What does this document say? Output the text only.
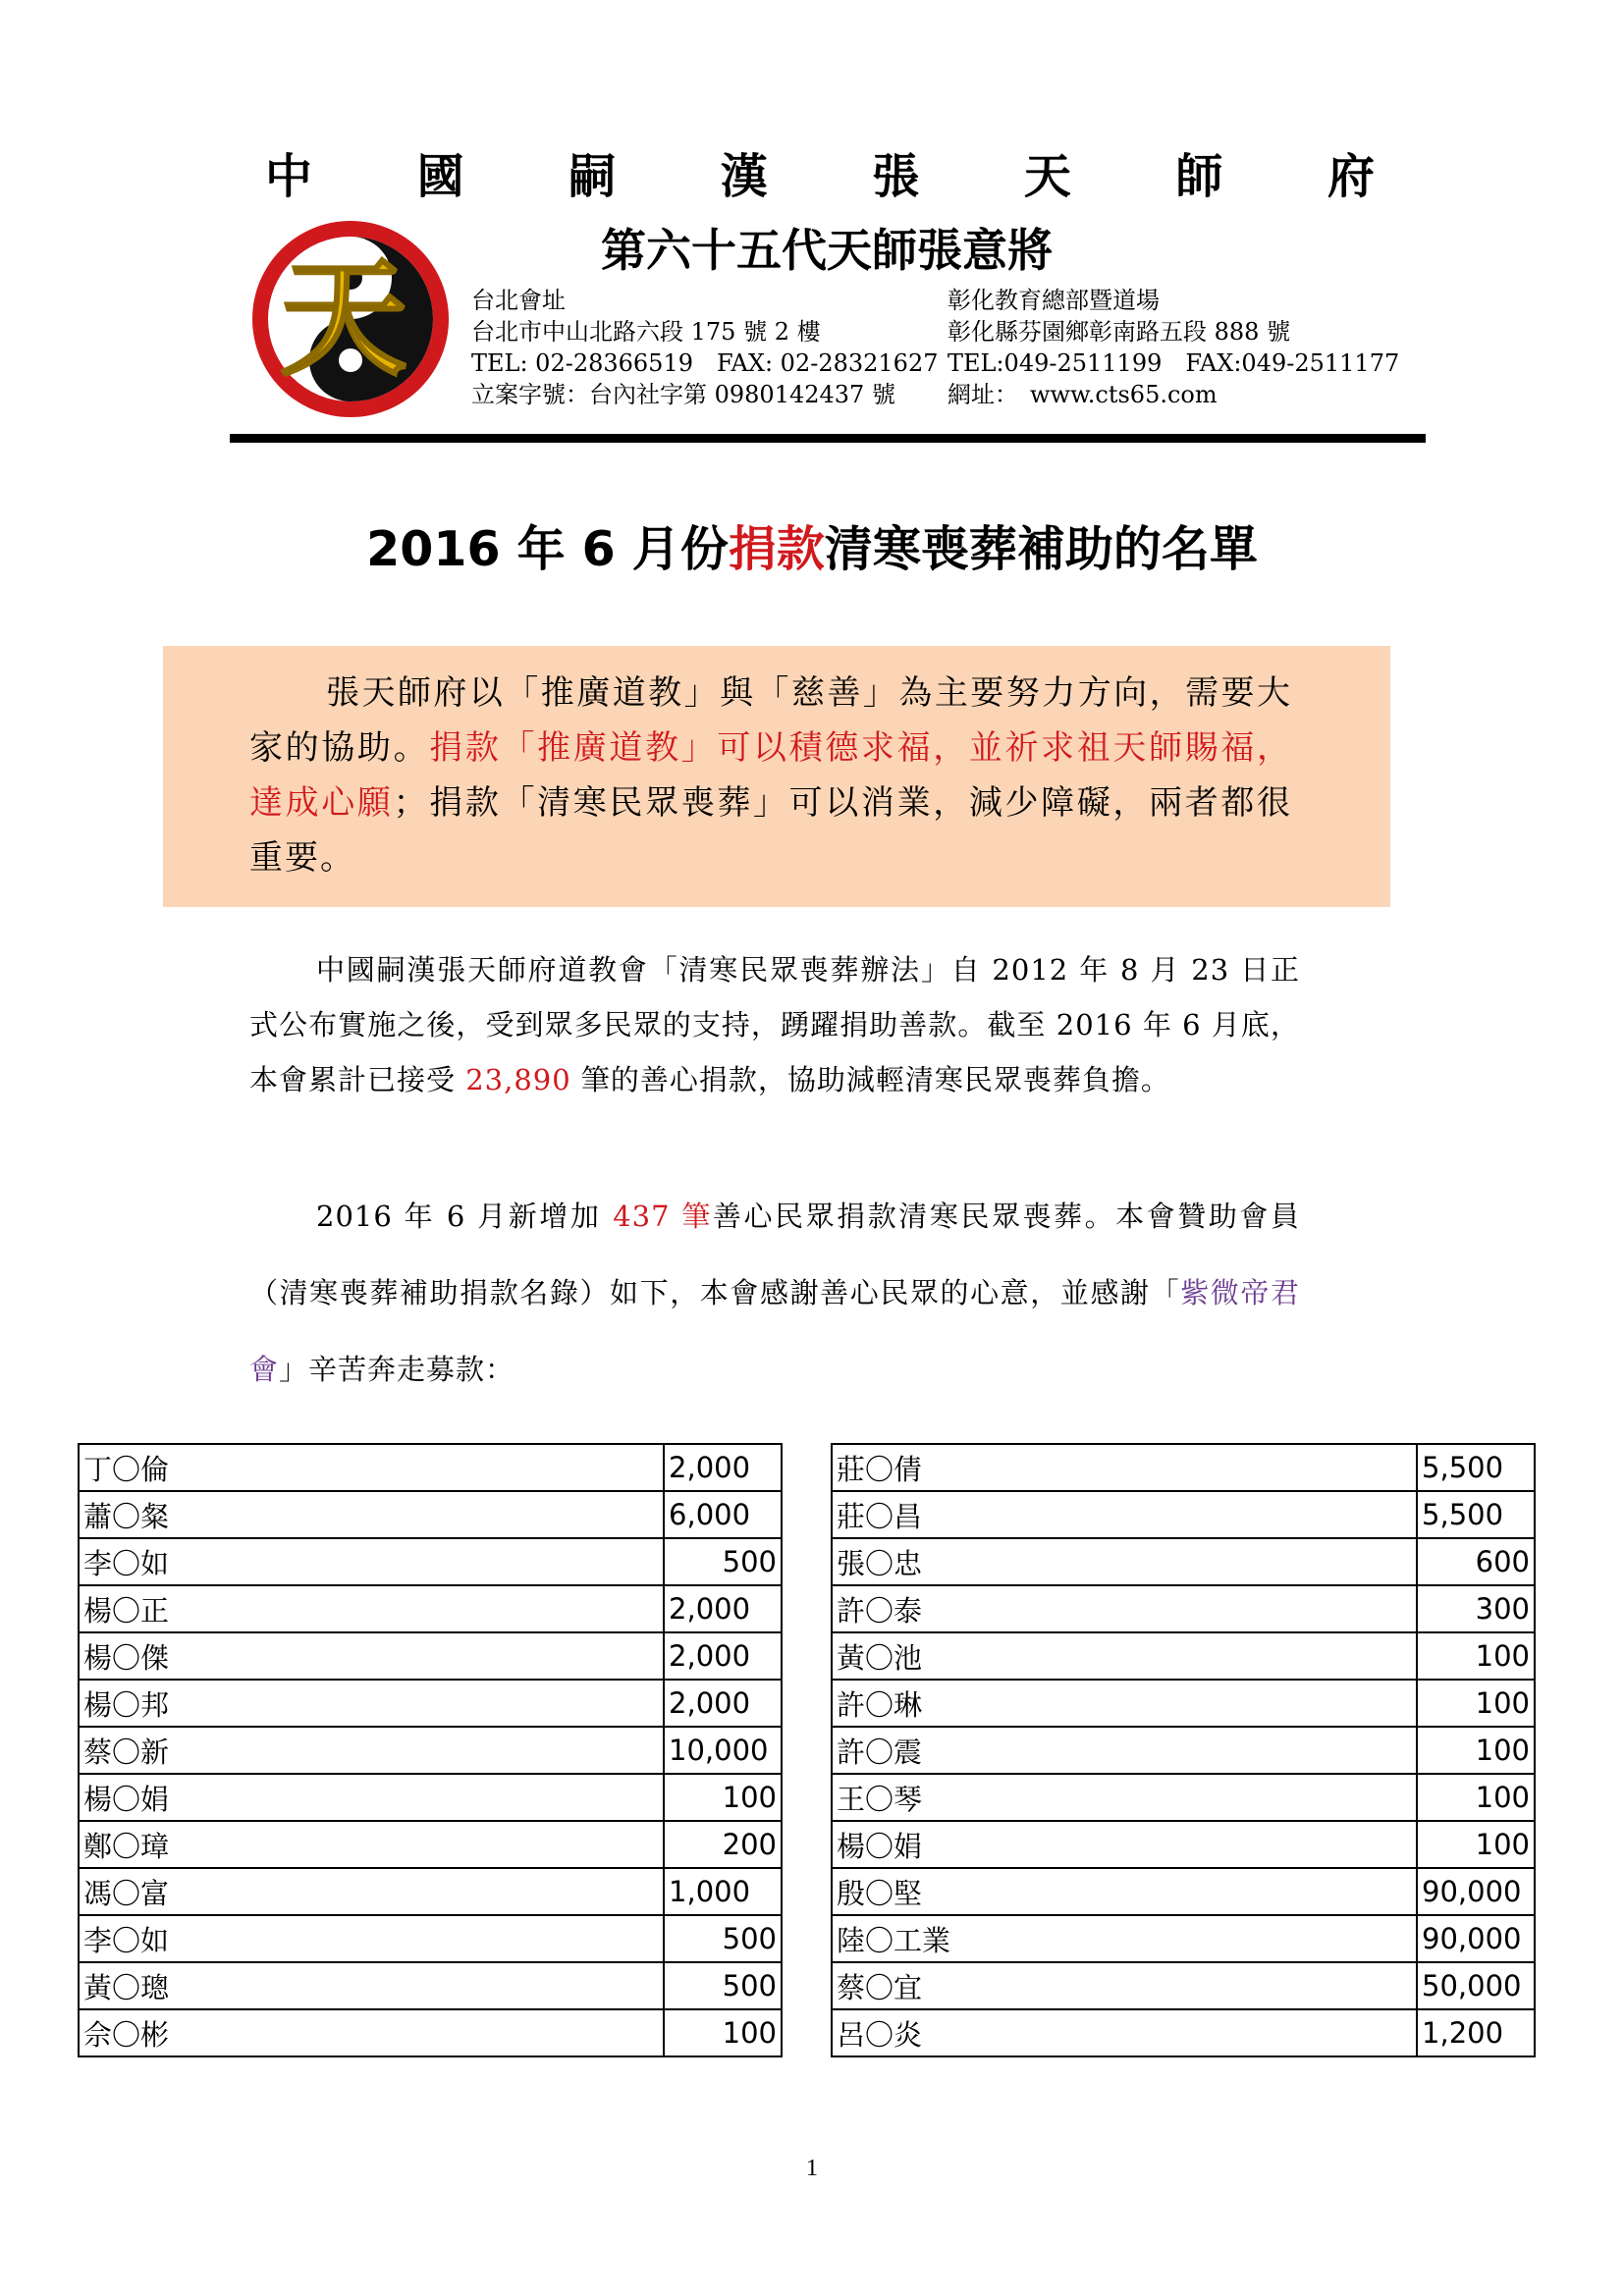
中 國 嗣 漢 張 天 師 府
天	第六十五代天師張意將
台北會址
台北市中山北路六段 175 號 2 樓
TEL: 02-28366519　FAX: 02-28321627
立案字號：台內社字第 0980142437 號
彰化教育總部暨道場
彰化縣芬園鄉彰南路五段 888 號
TEL:049-2511199　FAX:049-2511177
網址：　www.cts65.com
2016 年 6 月份捐款清寒喪葬補助的名單

張天師府以「推廣道教」與「慈善」為主要努力方向，需要大家的協助。捐款「推廣道教」可以積德求福，並祈求祖天師賜福，達成心願；捐款「清寒民眾喪葬」可以消業，減少障礙，兩者都很重要。

中國嗣漢張天師府道教會「清寒民眾喪葬辦法」自 2012 年 8 月 23 日正式公布實施之後，受到眾多民眾的支持，踴躍捐助善款。截至 2016 年 6 月底，本會累計已接受 23,890 筆的善心捐款，協助減輕清寒民眾喪葬負擔。

2016 年 6 月新增加 437 筆善心民眾捐款清寒民眾喪葬。本會贊助會員（清寒喪葬補助捐款名錄）如下，本會感謝善心民眾的心意，並感謝「紫微帝君會」辛苦奔走募款：

丁〇倫	2,000
蕭〇粲	6,000
李〇如	500
楊〇正	2,000
楊〇傑	2,000
楊〇邦	2,000
蔡〇新	10,000
楊〇娟	100
鄭〇璋	200
馮〇富	1,000
李〇如	500
黃〇璁	500
佘〇彬	100
莊〇倩	5,500
莊〇昌	5,500
張〇忠	600
許〇泰	300
黃〇池	100
許〇琳	100
許〇震	100
王〇琴	100
楊〇娟	100
殷〇堅	90,000
陸〇工業	90,000
蔡〇宜	50,000
呂〇炎	1,200
1
